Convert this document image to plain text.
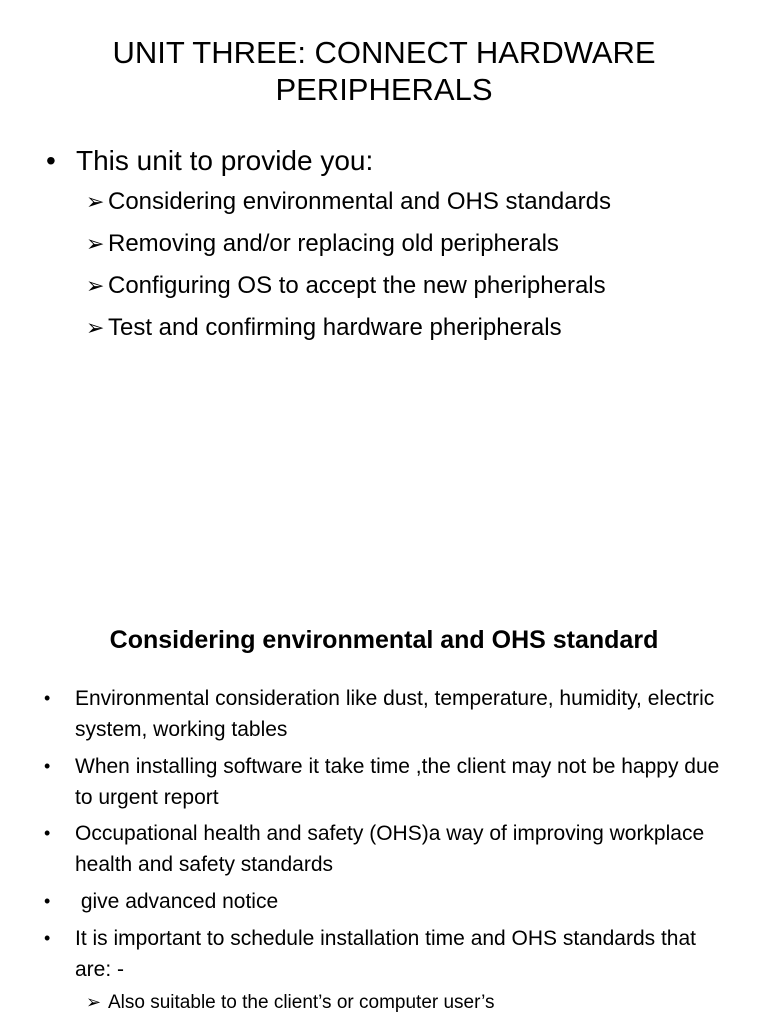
UNIT THREE: CONNECT HARDWARE
PERIPHERALS
• This unit to provide you:
➢ Considering environmental and OHS standards
➢ Removing and/or replacing old peripherals
➢ Configuring OS to accept the new pheripherals
➢ Test and confirming hardware pheripherals
Considering environmental and OHS standard
• Environmental consideration like dust, temperature, humidity, electric system, working tables
• When installing software it take time ,the client may not be happy due to urgent report
• Occupational health and safety (OHS)a way of improving workplace health and safety standards
• give advanced notice
• It is important to schedule installation time and OHS standards that are: -
➢ Also suitable to the client’s or computer user’s
